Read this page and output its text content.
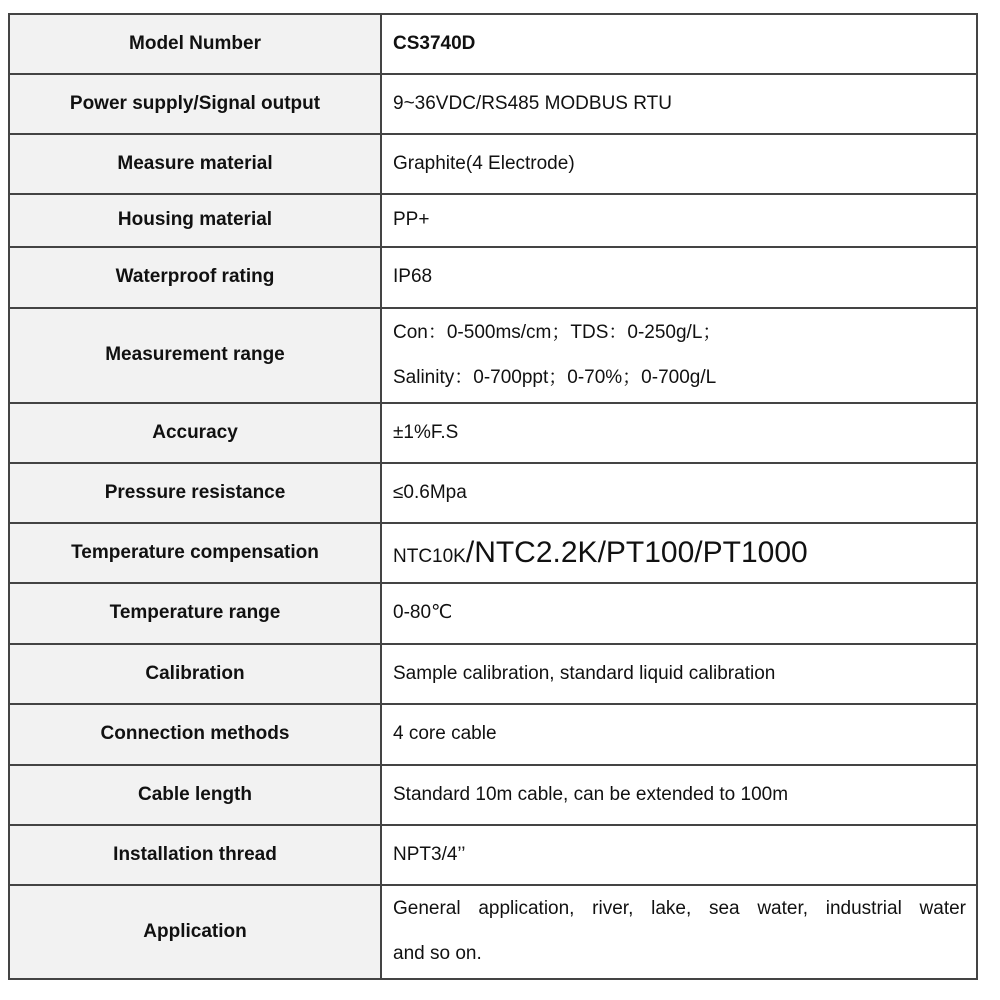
Model Number	CS3740D
Power supply/Signal output	9~36VDC/RS485 MODBUS RTU
Measure material	Graphite(4 Electrode)
Housing material	PP+
Waterproof rating	IP68
Measurement range	Con：0-500ms/cm；TDS：0-250g/L；
Salinity：0-700ppt；0-70%；0-700g/L

Accuracy	±1%F.S
Pressure resistance	≤0.6Mpa
Temperature compensation	NTC10K/NTC2.2K/PT100/PT1000
Temperature range	0-80℃
Calibration	Sample calibration, standard liquid calibration
Connection methods	4 core cable
Cable length	Standard 10m cable, can be extended to 100m
Installation thread	NPT3/4’’
Application	General application, river, lake, sea water, industrial water
and so on.
